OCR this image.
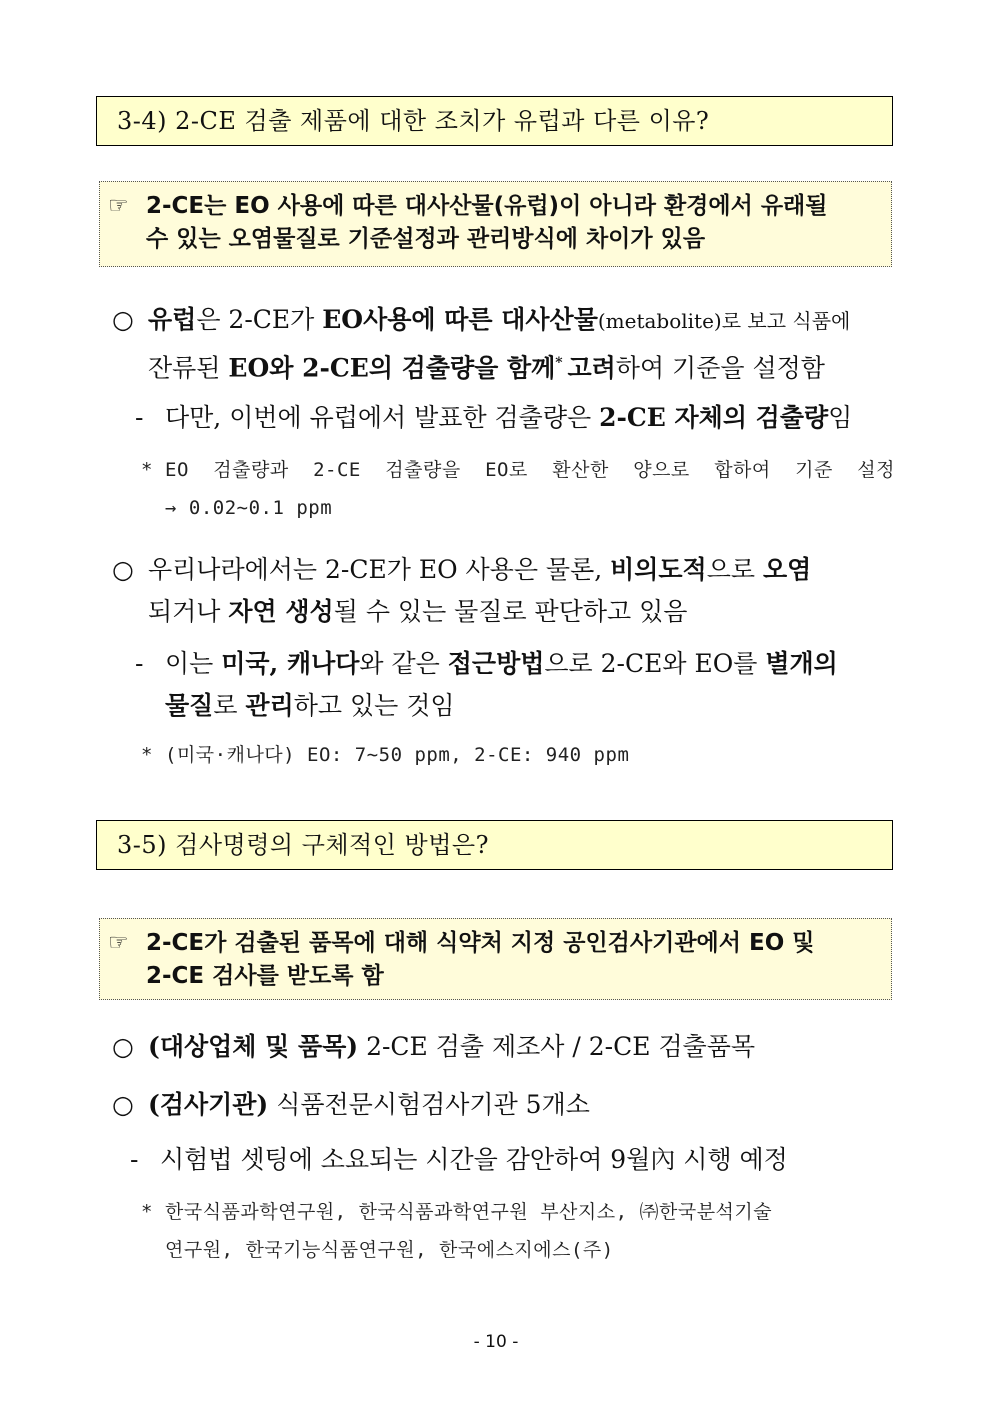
3-4) 2-CE 검출 제품에 대한 조치가 유럽과 다른 이유?
☞ 2-CE는 EO 사용에 따른 대사산물(유럽)이 아니라 환경에서 유래될
수 있는 오염물질로 기준설정과 관리방식에 차이가 있음
○ 유럽은 2-CE가 EO사용에 따른 대사산물(metabolite)로 보고 식품에
잔류된 EO와 2-CE의 검출량을 함께* 고려하여 기준을 설정함
- 다만, 이번에 유럽에서 발표한 검출량은 2-CE 자체의 검출량임
* EO 검출량과 2-CE 검출량을 EO로 환산한 양으로 합하여 기준 설정
→ 0.02∼0.1 ppm
○ 우리나라에서는 2-CE가 EO 사용은 물론, 비의도적으로 오염
되거나 자연 생성될 수 있는 물질로 판단하고 있음
- 이는 미국, 캐나다와 같은 접근방법으로 2-CE와 EO를 별개의
물질로 관리하고 있는 것임
* (미국·캐나다) EO: 7∼50 ppm, 2-CE: 940 ppm
3-5) 검사명령의 구체적인 방법은?
☞ 2-CE가 검출된 품목에 대해 식약처 지정 공인검사기관에서 EO 및
2-CE 검사를 받도록 함
○ (대상업체 및 품목) 2-CE 검출 제조사 / 2-CE 검출품목
○ (검사기관) 식품전문시험검사기관 5개소
- 시험법 셋팅에 소요되는 시간을 감안하여 9월內 시행 예정
* 한국식품과학연구원, 한국식품과학연구원 부산지소, ㈜한국분석기술
연구원, 한국기능식품연구원, 한국에스지에스(주)
- 10 -
